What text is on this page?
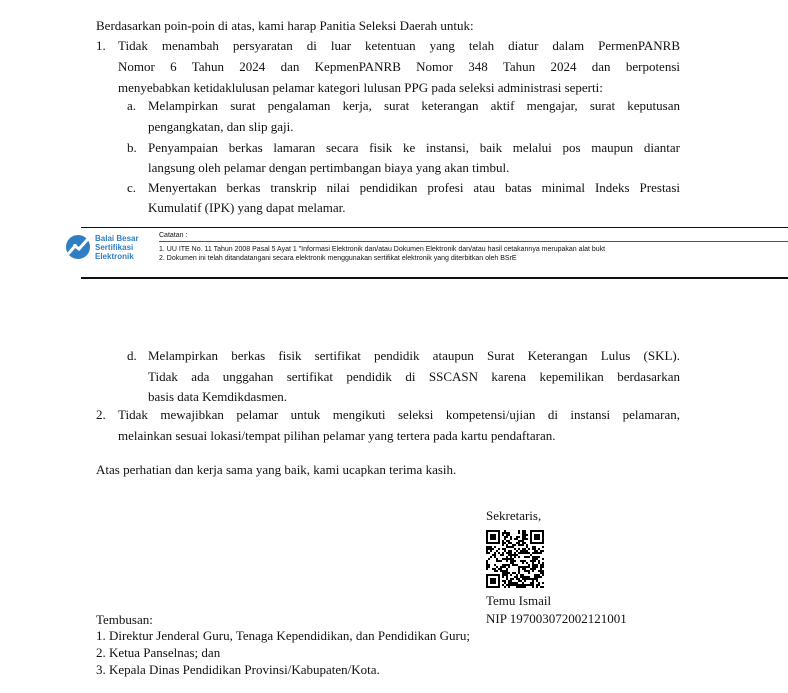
Berdasarkan poin-poin di atas, kami harap Panitia Seleksi Daerah untuk:
1. Tidak menambah persyaratan di luar ketentuan yang telah diatur dalam PermenPANRB
Nomor 6 Tahun 2024 dan KepmenPANRB Nomor 348 Tahun 2024 dan berpotensi
menyebabkan ketidaklulusan pelamar kategori lulusan PPG pada seleksi administrasi seperti:
a. Melampirkan surat pengalaman kerja, surat keterangan aktif mengajar, surat keputusan
pengangkatan, dan slip gaji.
b. Penyampaian berkas lamaran secara fisik ke instansi, baik melalui pos maupun diantar
langsung oleh pelamar dengan pertimbangan biaya yang akan timbul.
c. Menyertakan berkas transkrip nilai pendidikan profesi atau batas minimal Indeks Prestasi
Kumulatif (IPK) yang dapat melamar.
Balai Besar
Sertifikasi
Elektronik
Catatan :
1. UU ITE No. 11 Tahun 2008 Pasal 5 Ayat 1 "Informasi Elektronik dan/atau Dokumen Elektronik dan/atau hasil cetakannya merupakan alat bukt
2. Dokumen ini telah ditandatangani secara elektronik menggunakan sertifikat elektronik yang diterbitkan oleh BSrE
d. Melampirkan berkas fisik sertifikat pendidik ataupun Surat Keterangan Lulus (SKL).
Tidak ada unggahan sertifikat pendidik di SSCASN karena kepemilikan berdasarkan
basis data Kemdikdasmen.
2. Tidak mewajibkan pelamar untuk mengikuti seleksi kompetensi/ujian di instansi pelamaran,
melainkan sesuai lokasi/tempat pilihan pelamar yang tertera pada kartu pendaftaran.
Atas perhatian dan kerja sama yang baik, kami ucapkan terima kasih.
Sekretaris,
Temu Ismail
NIP 197003072002121001
Tembusan:
1. Direktur Jenderal Guru, Tenaga Kependidikan, dan Pendidikan Guru;
2. Ketua Panselnas; dan
3. Kepala Dinas Pendidikan Provinsi/Kabupaten/Kota.
